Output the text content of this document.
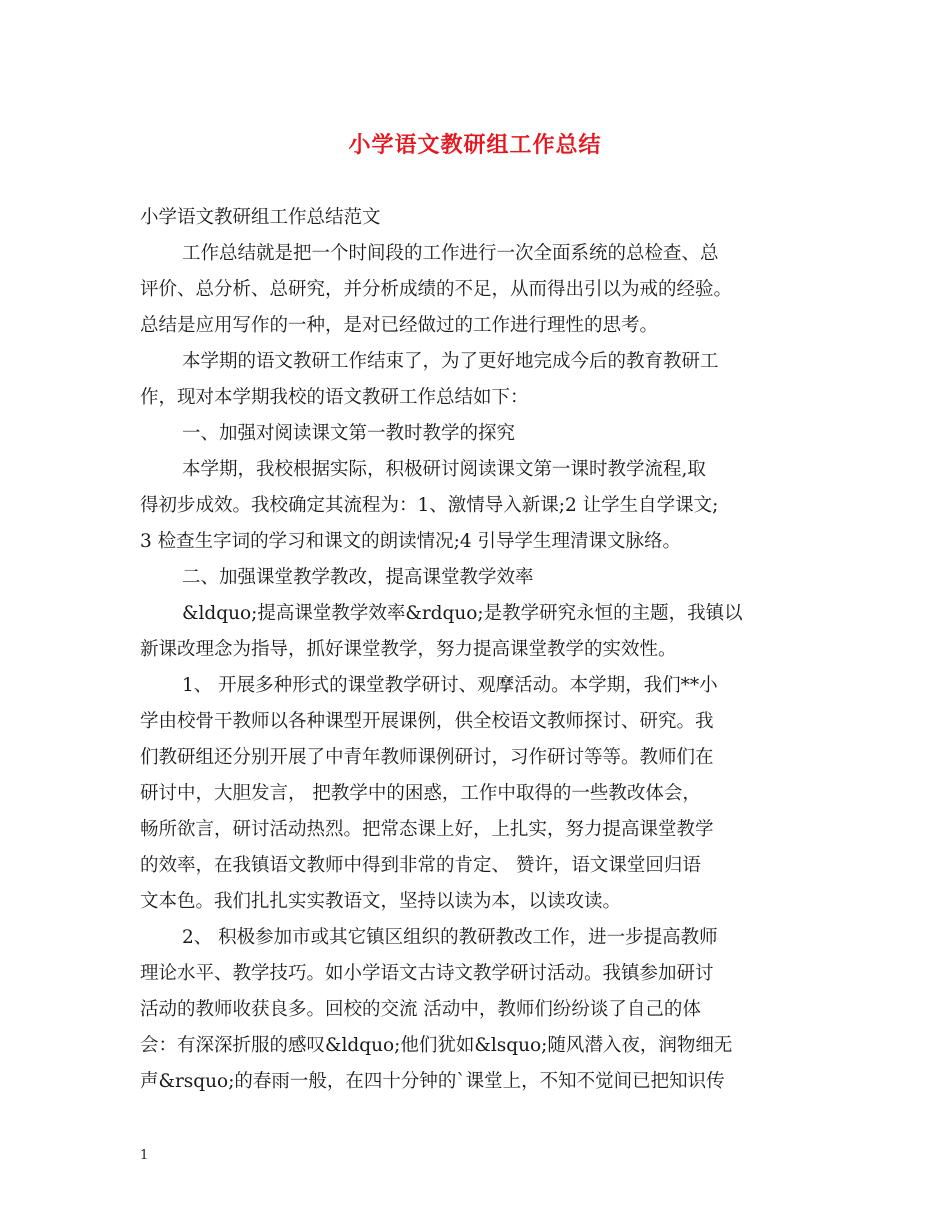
小学语文教研组工作总结
小学语文教研组工作总结范文
工作总结就是把一个时间段的工作进行一次全面系统的总检查、总
评价、总分析、总研究，并分析成绩的不足，从而得出引以为戒的经验。
总结是应用写作的一种，是对已经做过的工作进行理性的思考。
本学期的语文教研工作结束了，为了更好地完成今后的教育教研工
作，现对本学期我校的语文教研工作总结如下：
一、加强对阅读课文第一教时教学的探究
本学期，我校根据实际，积极研讨阅读课文第一课时教学流程,取
得初步成效。我校确定其流程为：1、激情导入新课;2 让学生自学课文;
3 检查生字词的学习和课文的朗读情况;4 引导学生理清课文脉络。
二、加强课堂教学教改，提高课堂教学效率
&ldquo;提高课堂教学效率&rdquo;是教学研究永恒的主题，我镇以
新课改理念为指导，抓好课堂教学，努力提高课堂教学的实效性。
1、 开展多种形式的课堂教学研讨、观摩活动。本学期，我们**小
学由校骨干教师以各种课型开展课例，供全校语文教师探讨、研究。我
们教研组还分别开展了中青年教师课例研讨，习作研讨等等。教师们在
研讨中，大胆发言， 把教学中的困惑，工作中取得的一些教改体会，
畅所欲言，研讨活动热烈。把常态课上好，上扎实，努力提高课堂教学
的效率，在我镇语文教师中得到非常的肯定、 赞许，语文课堂回归语
文本色。我们扎扎实实教语文，坚持以读为本，以读攻读。
2、 积极参加市或其它镇区组织的教研教改工作，进一步提高教师
理论水平、教学技巧。如小学语文古诗文教学研讨活动。我镇参加研讨
活动的教师收获良多。回校的交流 活动中，教师们纷纷谈了自己的体
会：有深深折服的感叹&ldquo;他们犹如&lsquo;随风潜入夜，润物细无
声&rsquo;的春雨一般，在四十分钟的`课堂上，不知不觉间已把知识传
1
